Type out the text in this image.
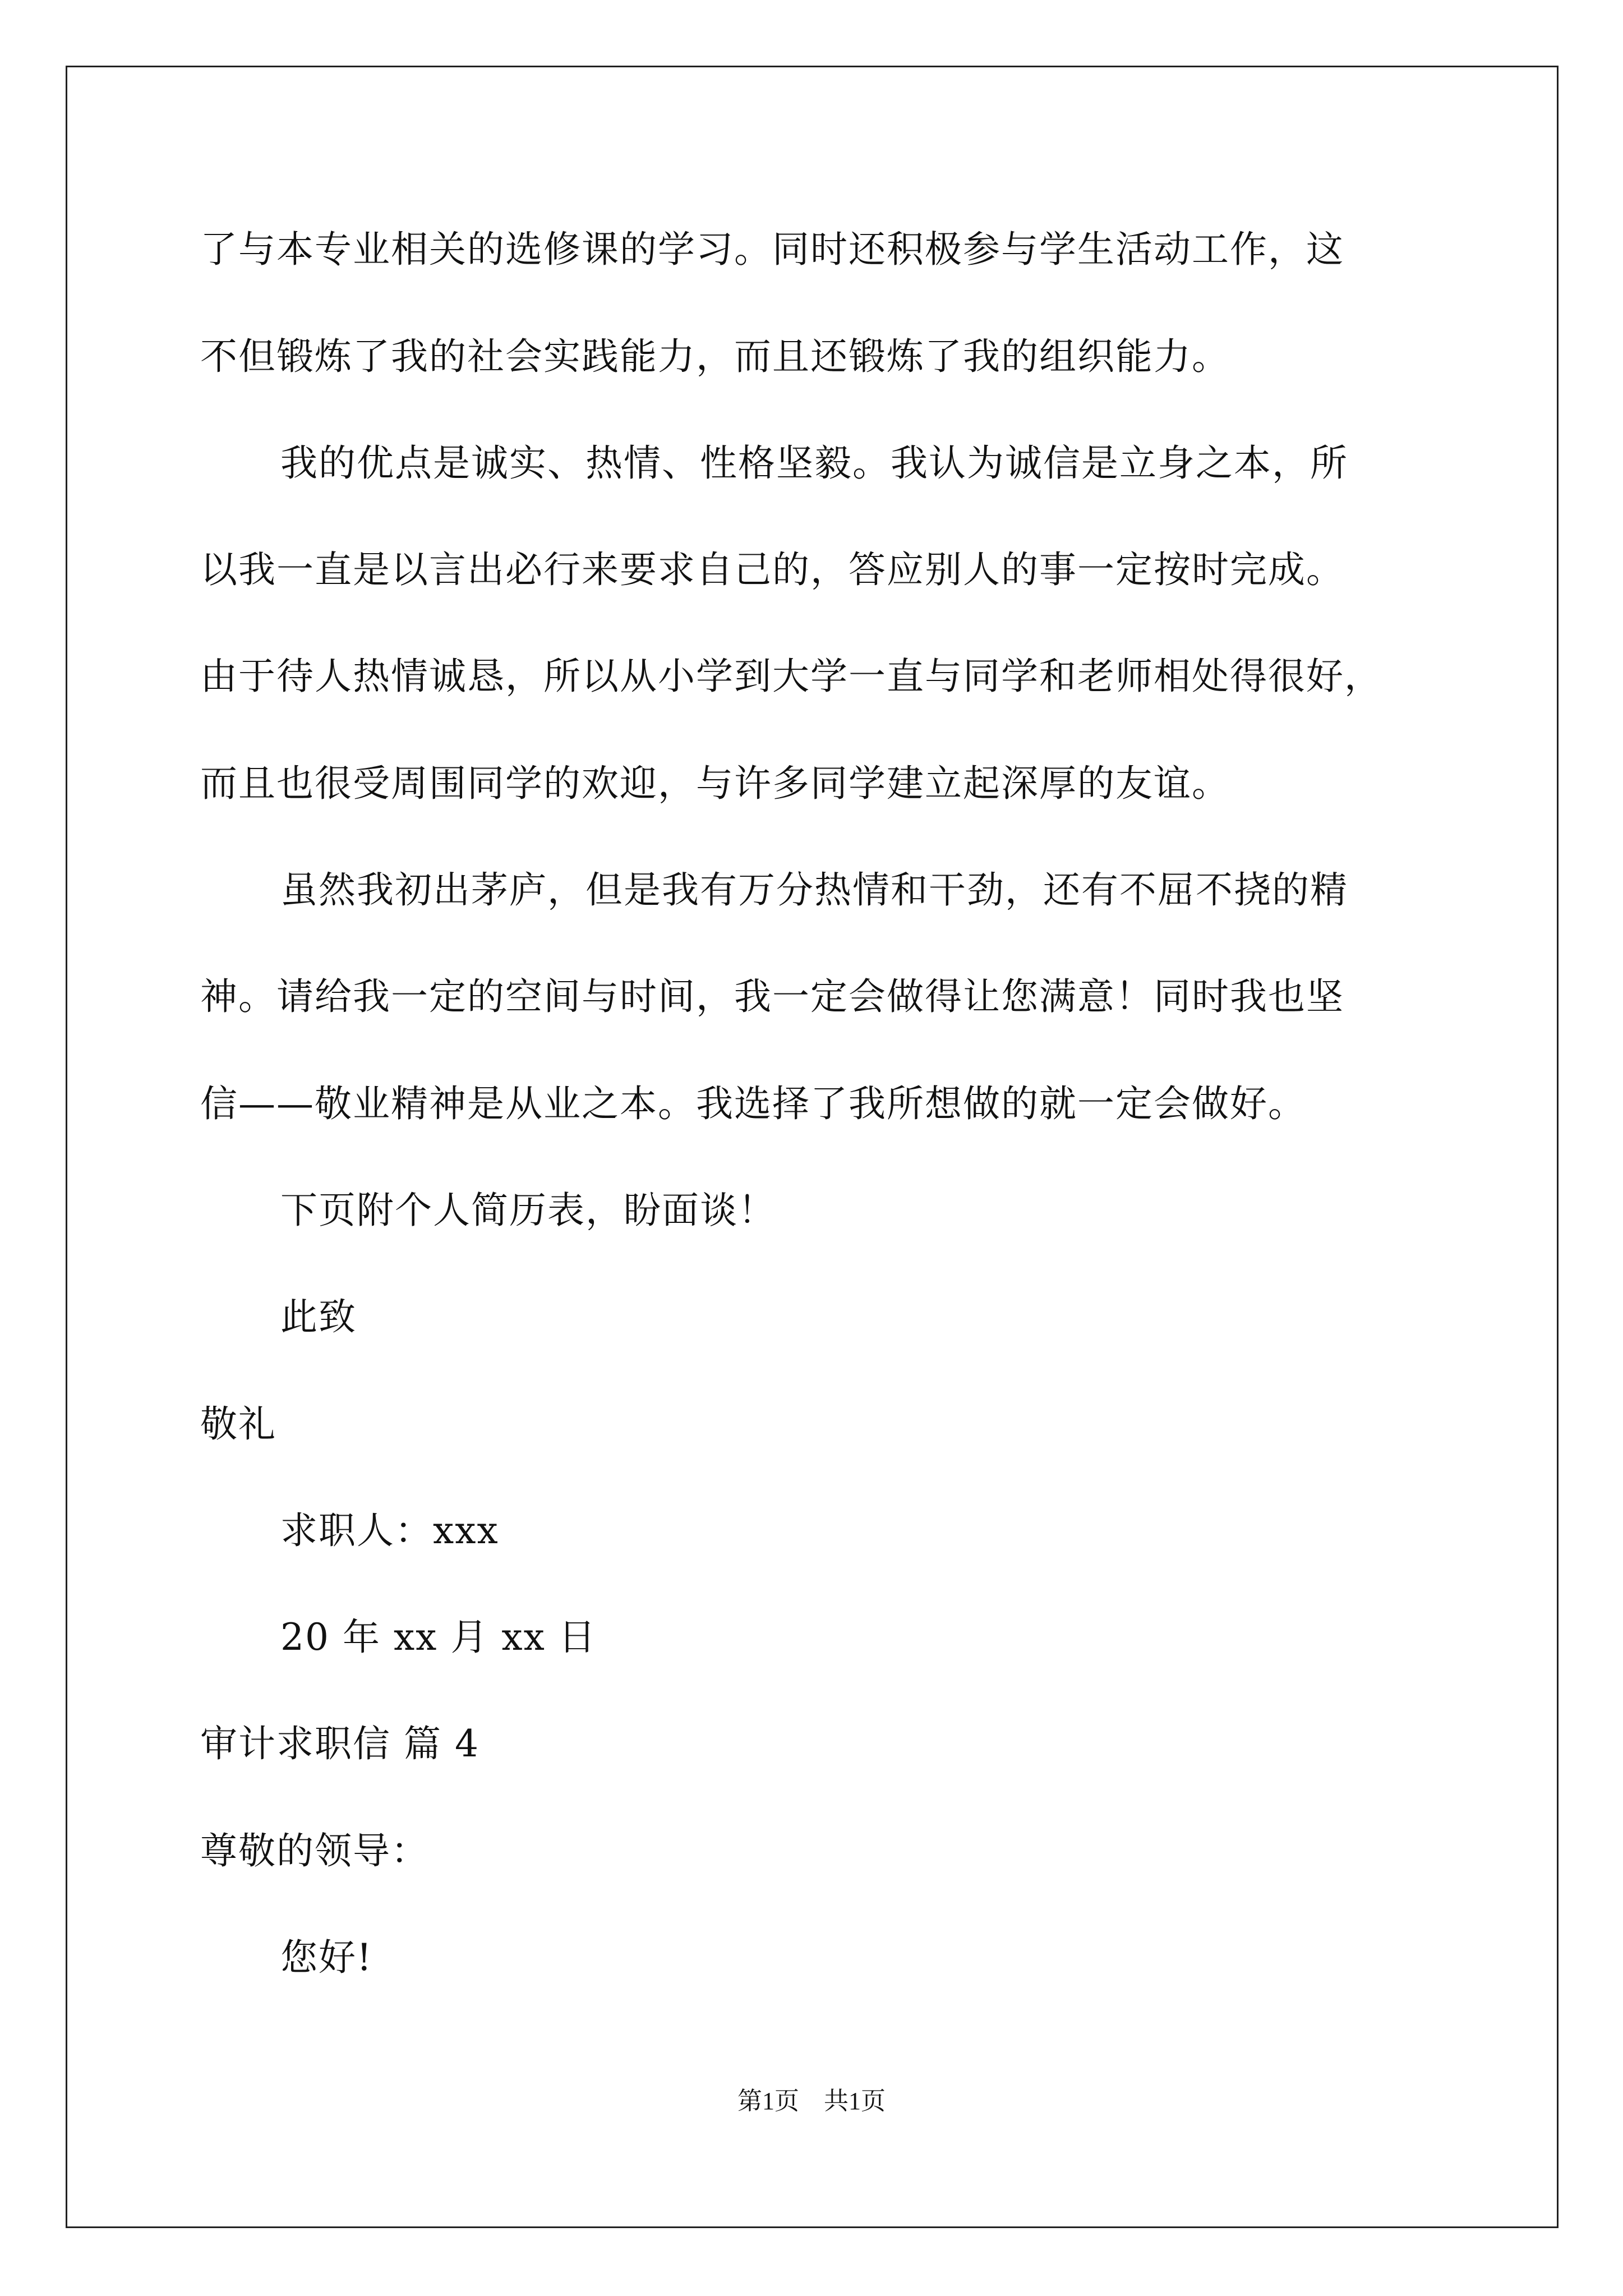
了与本专业相关的选修课的学习。同时还积极参与学生活动工作，这
不但锻炼了我的社会实践能力，而且还锻炼了我的组织能力。
我的优点是诚实、热情、性格坚毅。我认为诚信是立身之本，所
以我一直是以言出必行来要求自己的，答应别人的事一定按时完成。
由于待人热情诚恳，所以从小学到大学一直与同学和老师相处得很好，
而且也很受周围同学的欢迎，与许多同学建立起深厚的友谊。
虽然我初出茅庐，但是我有万分热情和干劲，还有不屈不挠的精
神。请给我一定的空间与时间，我一定会做得让您满意！同时我也坚
信——敬业精神是从业之本。我选择了我所想做的就一定会做好。
下页附个人简历表，盼面谈！
此致
敬礼
求职人：xxx
20 年 xx 月 xx 日
审计求职信 篇 4
尊敬的领导：
您好!
第1页　共1页
